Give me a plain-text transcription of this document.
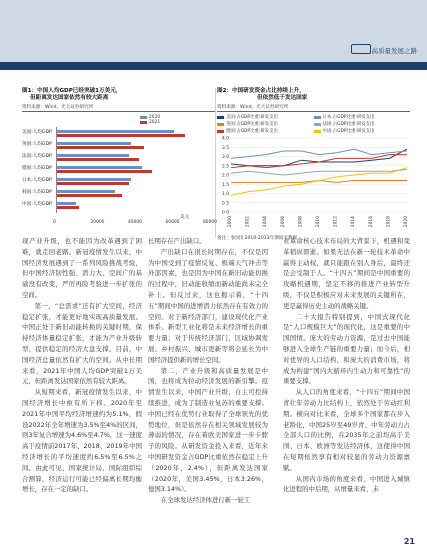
高质量发展之路
图1：中国人均GDP已经突破1万美元，
但距离发达国家依然有较大距离
资料来源：Wind，光大证券研究所
2020
2021
美国:人均GDP
英国:人均GDP
法国:人均GDP
德国:人均GDP
日本:人均GDP
韩国:人均GDP
中国:人均GDP
美元
0	20000	40000	60000	80000
图2：中国研发资金占比持续上升，
但依然低于发达国家
资料来源：Wind，光大证券研究所
美国:占GDP比重:研发支出	日本:占GDP比重:研发支出
英国:占GDP比重:研发支出	法国:占GDP比重:研发支出
德国:占GDP比重:研发支出	中国:占GDP比重:研发支出
4.0
3.5
3.0
2.5
2.0
1.5
1.0
0.5
0.0
2000	2002	2004	2006	2008	2010	2012	2014	2016	2018	2020
备注：参国在2010-2013年期间无数据

现产业升级，也不能因为改革遇到了困难，就走回老路。新冠疫情发生以来，中国经济发展遇到了一系列风险挑战考验，但中国经济韧性强、潜力大、空间广的基础没有改变，严厉再险考验进一步扩张的空间。

第一，“总需求”还有扩大空间，经济稳定扩张，才能更好地实现高质量发展。中国正处于新旧动能转换的关键时期，保持经济体量稳定扩张，才能为产业升级转型、提供稳定的经济大盘支撑。目前，中国经济总量依然有扩大的空间。从中长期来看，2021年中国人均GDP突破1万美元，但距离发达国家依然有较大距离。

从短期来看，新冠疫情发生以来，中国经济增长中枢有所下移。2020年至2021年中国平均经济增速约为5.1%，假设2022年全年增速为3.5%至4%的区间，则3年复合增速为4.6%至4.7%，这一速度高于疫情前2017年、2018、2019年中国经济增长的平均速度约6.5%至6.5%之间。由此可见，国家统计局、国际组织综合测算，经济运行可能已经偏离长期均衡增长，存在一定的缺口。

长期存在产出缺口。

产出缺口在很长时期存在，不仅是因为中国受到了疫情反复、极端天气冲击等外部因素，也是因为中国在新旧动能切换的过程中，旧动能收缩而新动能尚未完全补上。但反过来，这也揭示着，“十四五”期间中国的进增潜力依然存在有效力的空间。对于新经济部门，建设现代化产业体系、新型工业化将是未来经济增长的重要力量；对于传统经济部门，区域协调发展、乡村振兴、城市更新等将会延长为中国经济提供新的增长空间。

第二，产业升级和高质量发展是中国，也将成为拉动经济发展的新引擎。疫情发生以来，中国产业升级，自主可控持续推进，成为了制造业复苏的重要支撑。中国已经在优势行业取得了全球领先的优势地位，但是依然存在相关领域发展较为薄弱的情况，存在着欧美国家进一步卡脖子的风险。从研发资金投入来看，近年来中国研发资金占GDP比重依然在稳定上升（2020年，2.4%），但距离发达国家（2020年，美国3.45%，日本3.26%，德国3.14%）。

在全球发达经济体进行新一轮工

业革命核心技术布局的大背景下，机遇和变革稍纵即逝。如果无法在新一轮技术革命中赢得主动权，就只能跟在别人身后，最终还是会受制于人。“十四五”期间是中国重要的攻略机遇期，坚定不移的推进产业转型升级，不仅是积极应对未来发展的关键所在，更是赢得历史主动的战略关键。

二十大报告特别提到，中国式现代化是“人口规模巨大”的现代化，这是重要的中国国情。庞大的劳动力资源，是过去中国能够进入全球生产链的重要力量；而今后，相对优异的人口结构，和庞大的消费市场，将成为构建“国内大循环内生动力和可靠性”的重要支撑。

从人口的角度来看，“十四五”期间中国青壮年劳动力比结构上，依然处于劳动红利期。横向对比来看，全球多个国家都在步入老龄化，中国25岁至49岁青、中年劳动力占全部人口的比例，在2035年之前均高于美国、日本、欧洲等发达经济体，这使得中国在短期依然享有相对较显的劳动力资源禀赋。

从国内市场的角度来看，中国进入城镇化进程的中后期，从增量来看，未

21
